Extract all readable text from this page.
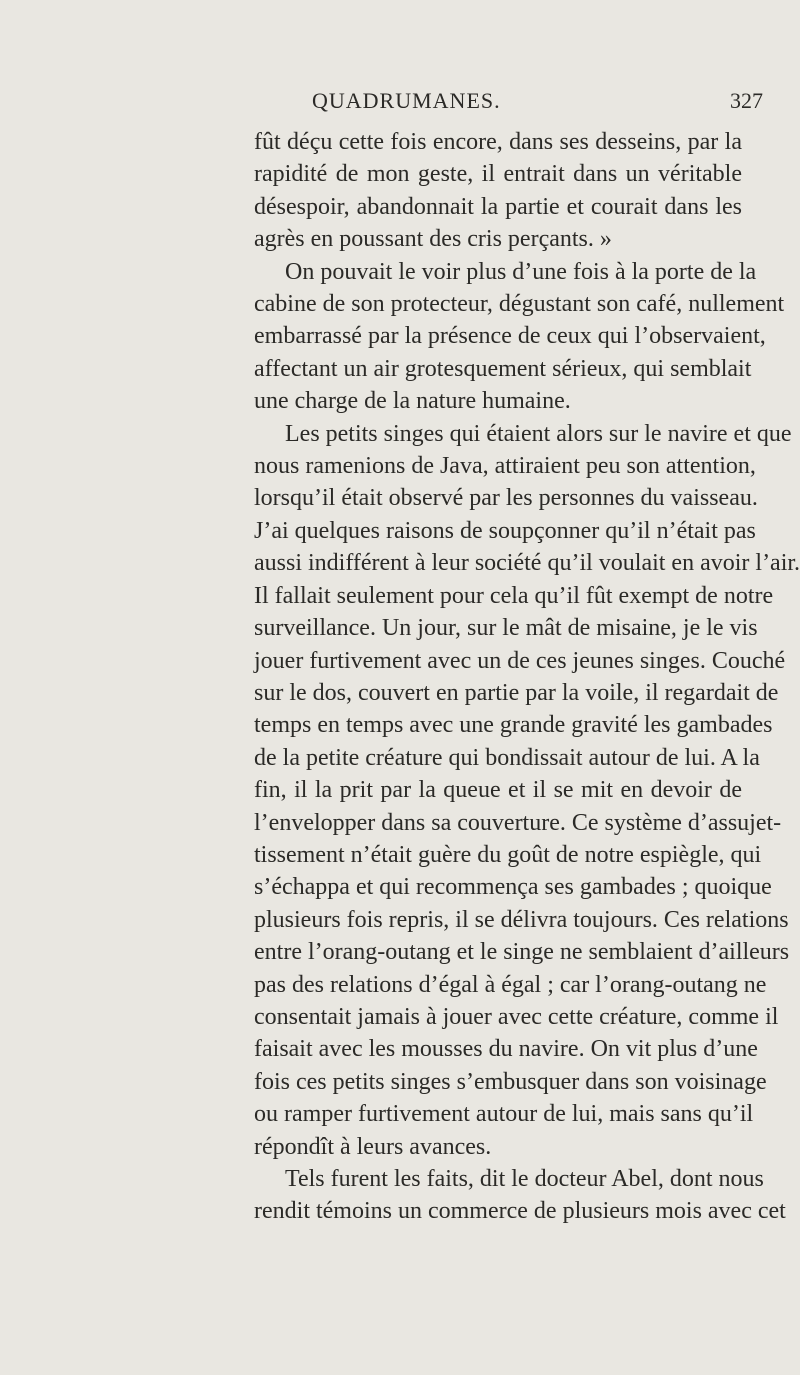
QUADRUMANES.	327
fût déçu cette fois encore, dans ses desseins, par la
rapidité de mon geste, il entrait dans un véritable
désespoir, abandonnait la partie et courait dans les
agrès en poussant des cris perçants. »
On pouvait le voir plus d’une fois à la porte de la
cabine de son protecteur, dégustant son café, nullement
embarrassé par la présence de ceux qui l’observaient,
affectant un air grotesquement sérieux, qui semblait
une charge de la nature humaine.
Les petits singes qui étaient alors sur le navire et que
nous ramenions de Java, attiraient peu son attention,
lorsqu’il était observé par les personnes du vaisseau.
J’ai quelques raisons de soupçonner qu’il n’était pas
aussi indifférent à leur société qu’il voulait en avoir l’air.
Il fallait seulement pour cela qu’il fût exempt de notre
surveillance. Un jour, sur le mât de misaine, je le vis
jouer furtivement avec un de ces jeunes singes. Couché
sur le dos, couvert en partie par la voile, il regardait de
temps en temps avec une grande gravité les gambades
de la petite créature qui bondissait autour de lui. A la
fin, il la prit par la queue et il se mit en devoir de
l’envelopper dans sa couverture. Ce système d’assujet-
tissement n’était guère du goût de notre espiègle, qui
s’échappa et qui recommença ses gambades ; quoique
plusieurs fois repris, il se délivra toujours. Ces relations
entre l’orang-outang et le singe ne semblaient d’ailleurs
pas des relations d’égal à égal ; car l’orang-outang ne
consentait jamais à jouer avec cette créature, comme il
faisait avec les mousses du navire. On vit plus d’une
fois ces petits singes s’embusquer dans son voisinage
ou ramper furtivement autour de lui, mais sans qu’il
répondît à leurs avances.
Tels furent les faits, dit le docteur Abel, dont nous
rendit témoins un commerce de plusieurs mois avec cet
